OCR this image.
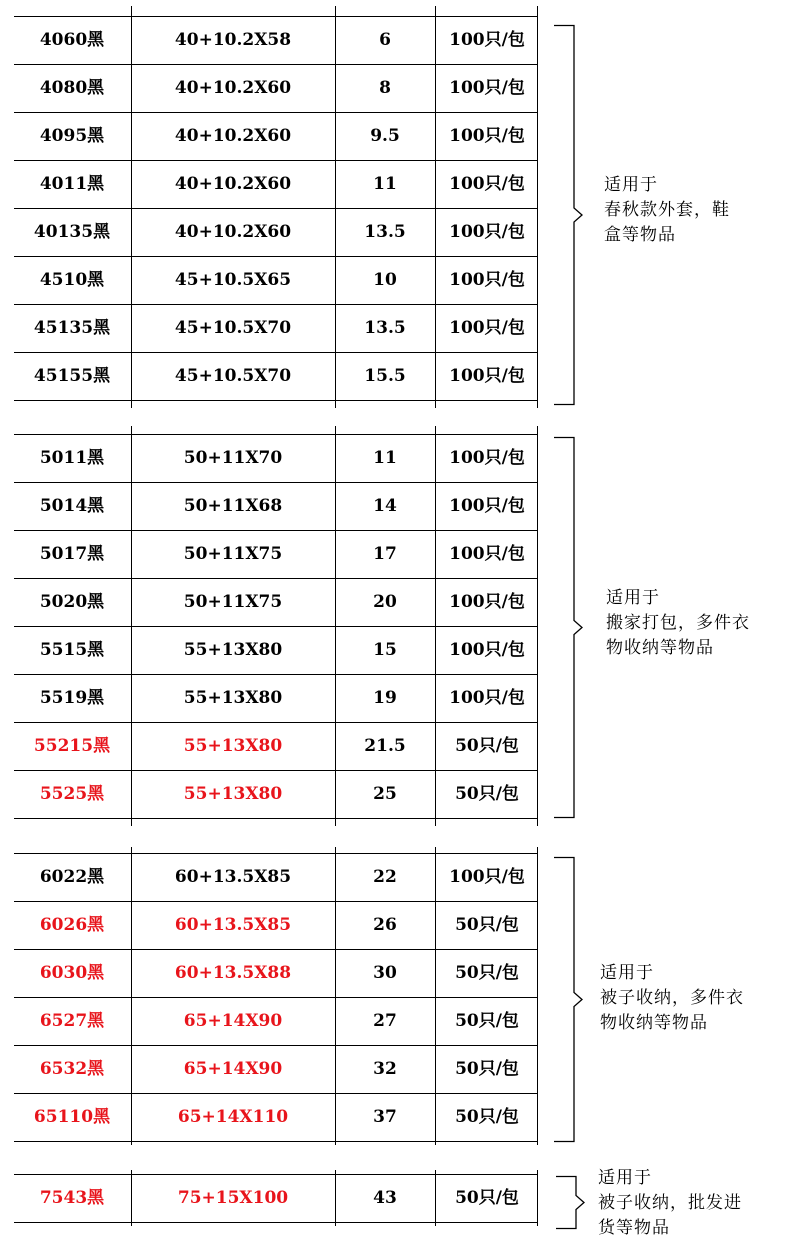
4060黑	40+10.2X58	6	100只/包
4080黑	40+10.2X60	8	100只/包
4095黑	40+10.2X60	9.5	100只/包
4011黑	40+10.2X60	11	100只/包
40135黑	40+10.2X60	13.5	100只/包
4510黑	45+10.5X65	10	100只/包
45135黑	45+10.5X70	13.5	100只/包
45155黑	45+10.5X70	15.5	100只/包
适用于
春秋款外套，鞋
盒等物品
5011黑	50+11X70	11	100只/包
5014黑	50+11X68	14	100只/包
5017黑	50+11X75	17	100只/包
5020黑	50+11X75	20	100只/包
5515黑	55+13X80	15	100只/包
5519黑	55+13X80	19	100只/包
55215黑	55+13X80	21.5	50只/包
5525黑	55+13X80	25	50只/包
适用于
搬家打包，多件衣
物收纳等物品
6022黑	60+13.5X85	22	100只/包
6026黑	60+13.5X85	26	50只/包
6030黑	60+13.5X88	30	50只/包
6527黑	65+14X90	27	50只/包
6532黑	65+14X90	32	50只/包
65110黑	65+14X110	37	50只/包
适用于
被子收纳，多件衣
物收纳等物品
7543黑	75+15X100	43	50只/包
适用于
被子收纳，批发进
货等物品
